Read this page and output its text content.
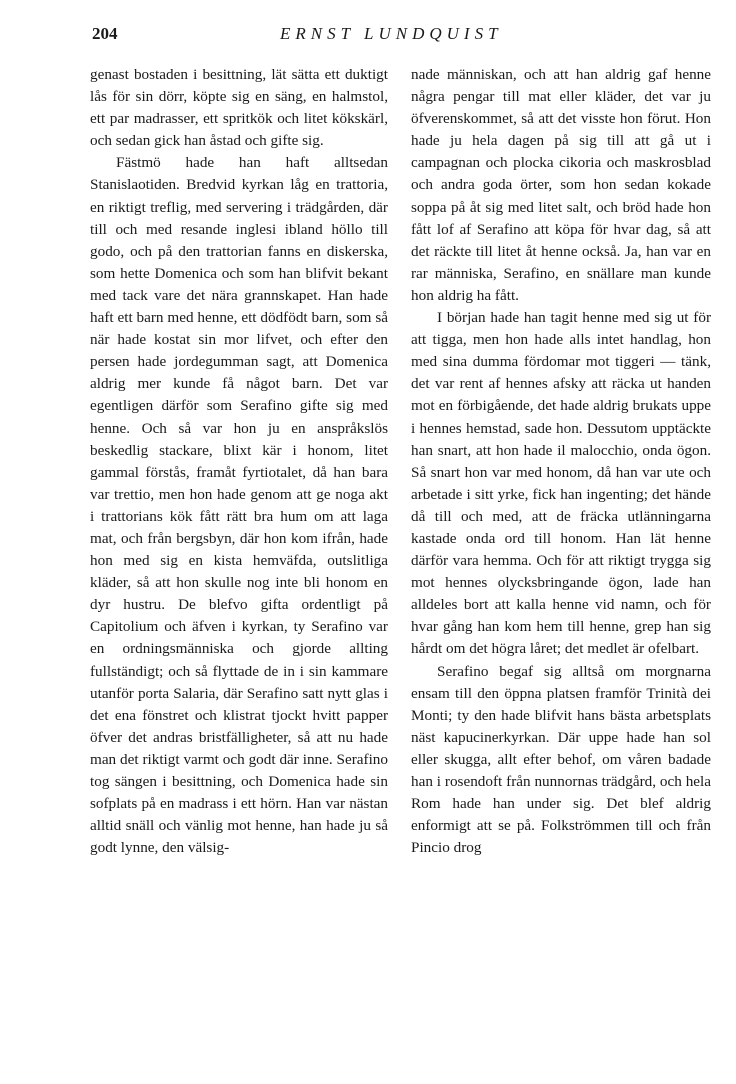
204	ERNST LUNDQUIST

genast bostaden i besittning, lät sätta ett duktigt lås för sin dörr, köpte sig en säng, en halmstol, ett par madrasser, ett spritkök och litet kökskärl, och sedan gick han åstad och gifte sig.

Fästmö hade han haft alltsedan Stanislaotiden. Bredvid kyrkan låg en trattoria, en riktigt treflig, med servering i trädgården, där till och med resande inglesi ibland höllo till godo, och på den trattorian fanns en diskerska, som hette Domenica och som han blifvit bekant med tack vare det nära grannskapet. Han hade haft ett barn med henne, ett dödfödt barn, som så när hade kostat sin mor lifvet, och efter den persen hade jordegumman sagt, att Domenica aldrig mer kunde få något barn. Det var egentligen därför som Serafino gifte sig med henne. Och så var hon ju en anspråkslös beskedlig stackare, blixt kär i honom, litet gammal förstås, framåt fyrtiotalet, då han bara var trettio, men hon hade genom att ge noga akt i trattorians kök fått rätt bra hum om att laga mat, och från bergsbyn, där hon kom ifrån, hade hon med sig en kista hemväfda, outslitliga kläder, så att hon skulle nog inte bli honom en dyr hustru. De blefvo gifta ordentligt på Capitolium och äfven i kyrkan, ty Serafino var en ordningsmänniska och gjorde allting fullständigt; och så flyttade de in i sin kammare utanför porta Salaria, där Serafino satt nytt glas i det ena fönstret och klistrat tjockt hvitt papper öfver det andras bristfälligheter, så att nu hade man det riktigt varmt och godt där inne. Serafino tog sängen i besittning, och Domenica hade sin sofplats på en madrass i ett hörn. Han var nästan alltid snäll och vänlig mot henne, han hade ju så godt lynne, den välsig-

nade människan, och att han aldrig gaf henne några pengar till mat eller kläder, det var ju öfverenskommet, så att det visste hon förut. Hon hade ju hela dagen på sig till att gå ut i campagnan och plocka cikoria och maskrosblad och andra goda örter, som hon sedan kokade soppa på åt sig med litet salt, och bröd hade hon fått lof af Serafino att köpa för hvar dag, så att det räckte till litet åt henne också. Ja, han var en rar människa, Serafino, en snällare man kunde hon aldrig ha fått.

I början hade han tagit henne med sig ut för att tigga, men hon hade alls intet handlag, hon med sina dumma fördomar mot tiggeri — tänk, det var rent af hennes afsky att räcka ut handen mot en förbigående, det hade aldrig brukats uppe i hennes hemstad, sade hon. Dessutom upptäckte han snart, att hon hade il malocchio, onda ögon. Så snart hon var med honom, då han var ute och arbetade i sitt yrke, fick han ingenting; det hände då till och med, att de fräcka utlänningarna kastade onda ord till honom. Han lät henne därför vara hemma. Och för att riktigt trygga sig mot hennes olycksbringande ögon, lade han alldeles bort att kalla henne vid namn, och för hvar gång han kom hem till henne, grep han sig hårdt om det högra låret; det medlet är ofelbart.

Serafino begaf sig alltså om morgnarna ensam till den öppna platsen framför Trinità dei Monti; ty den hade blifvit hans bästa arbetsplats näst kapucinerkyrkan. Där uppe hade han sol eller skugga, allt efter behof, om våren badade han i rosendoft från nunnornas trädgård, och hela Rom hade han under sig. Det blef aldrig enformigt att se på. Folkströmmen till och från Pincio drog
